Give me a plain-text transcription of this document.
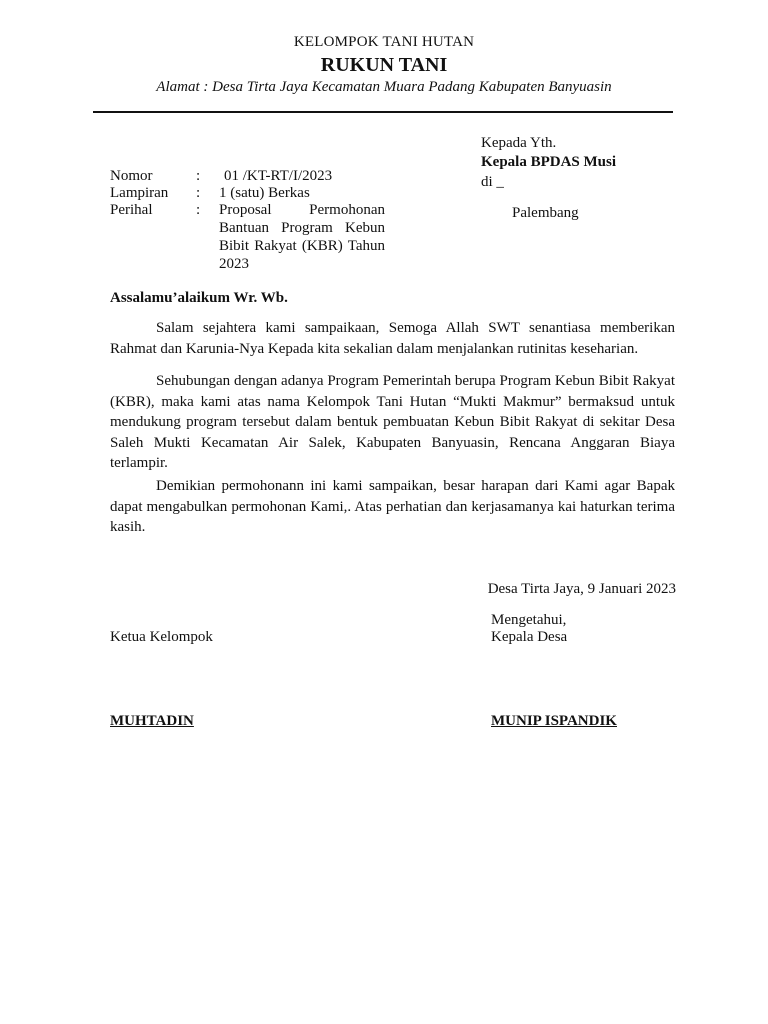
KELOMPOK TANI HUTAN
RUKUN TANI
Alamat : Desa Tirta Jaya Kecamatan Muara Padang Kabupaten Banyuasin
Kepada Yth.
Kepala BPDAS Musi
di _
Palembang
Nomor	: 01 /KT-RT/I/2023
Lampiran : 1 (satu) Berkas
Perihal	: Proposal Permohonan Bantuan Program Kebun Bibit Rakyat (KBR) Tahun 2023
Assalamu’alaikum Wr. Wb.

Salam sejahtera kami sampaikaan, Semoga Allah SWT senantiasa memberikan Rahmat dan Karunia-Nya Kepada kita sekalian dalam menjalankan rutinitas keseharian.

Sehubungan dengan adanya Program Pemerintah berupa Program Kebun Bibit Rakyat (KBR), maka kami atas nama Kelompok Tani Hutan “Mukti Makmur” bermaksud untuk mendukung program tersebut dalam bentuk pembuatan Kebun Bibit Rakyat di sekitar Desa Saleh Mukti Kecamatan Air Salek, Kabupaten Banyuasin, Rencana Anggaran Biaya terlampir.

Demikian permohonann ini kami sampaikan, besar harapan dari Kami agar Bapak dapat mengabulkan permohonan Kami,. Atas perhatian dan kerjasamanya kai haturkan terima kasih.

Desa Tirta Jaya, 9 Januari 2023
Mengetahui,
Kepala Desa
Ketua Kelompok
MUHTADIN	MUNIP ISPANDIK
